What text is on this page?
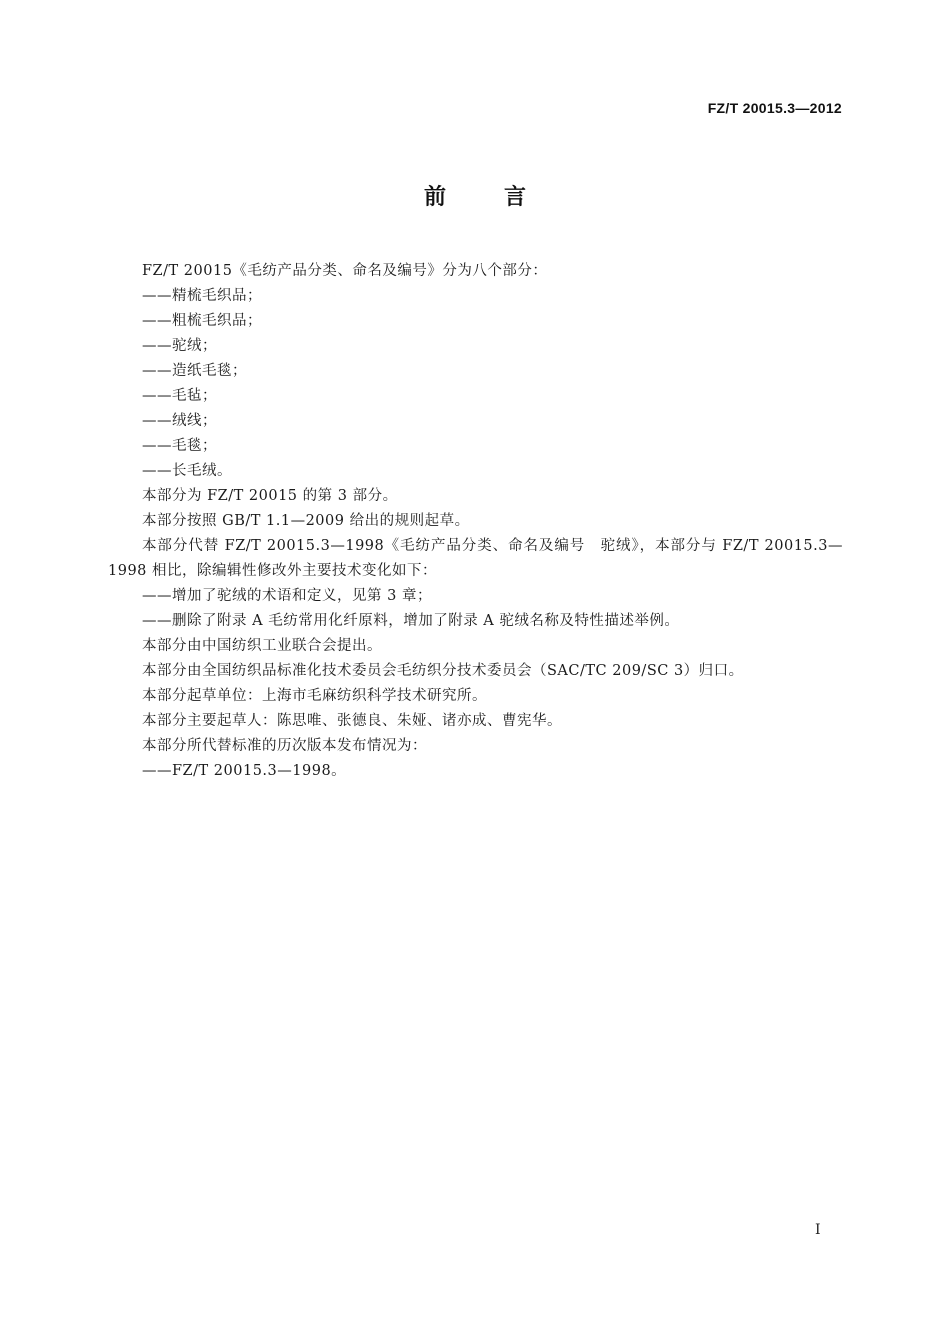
FZ/T 20015.3—2012
前言

FZ/T 20015《毛纺产品分类、命名及编号》分为八个部分：

——精梳毛织品；

——粗梳毛织品；

——驼绒；

——造纸毛毯；

——毛毡；

——绒线；

——毛毯；

——长毛绒。

本部分为 FZ/T 20015 的第 3 部分。

本部分按照 GB/T 1.1—2009 给出的规则起草。

本部分代替 FZ/T 20015.3—1998《毛纺产品分类、命名及编号　驼绒》，本部分与 FZ/T 20015.3—1998 相比，除编辑性修改外主要技术变化如下：

——增加了驼绒的术语和定义，见第 3 章；

——删除了附录 A 毛纺常用化纤原料，增加了附录 A 驼绒名称及特性描述举例。

本部分由中国纺织工业联合会提出。

本部分由全国纺织品标准化技术委员会毛纺织分技术委员会（SAC/TC 209/SC 3）归口。

本部分起草单位：上海市毛麻纺织科学技术研究所。

本部分主要起草人：陈思唯、张德良、朱娅、诸亦成、曹宪华。

本部分所代替标准的历次版本发布情况为：

——FZ/T 20015.3—1998。

I
